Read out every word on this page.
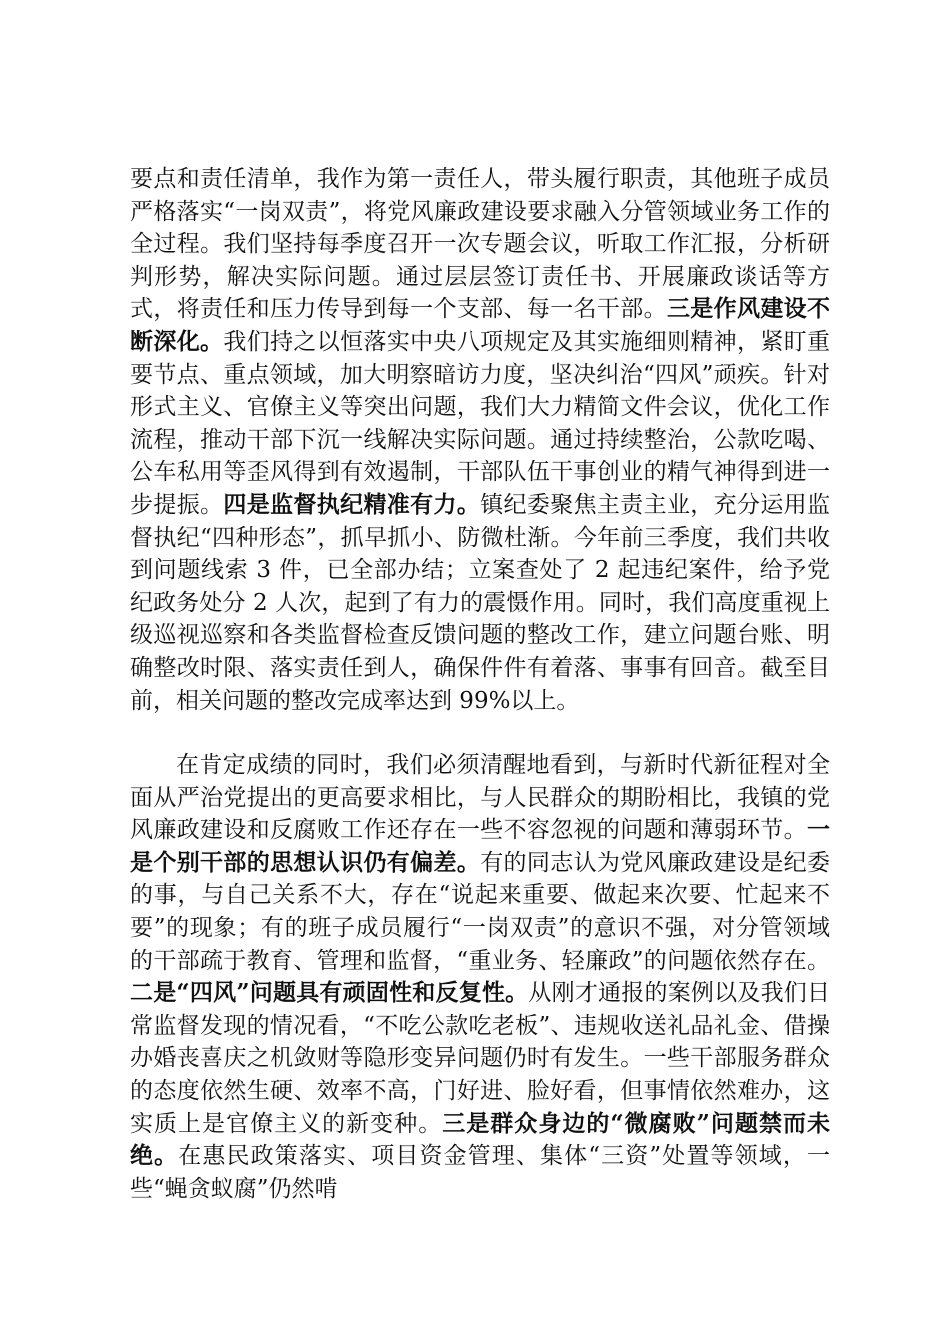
要点和责任清单，我作为第一责任人，带头履行职责，其他班子成员严格落实“一岗双责”，将党风廉政建设要求融入分管领域业务工作的全过程。我们坚持每季度召开一次专题会议，听取工作汇报，分析研判形势，解决实际问题。通过层层签订责任书、开展廉政谈话等方式，将责任和压力传导到每一个支部、每一名干部。三是作风建设不断深化。我们持之以恒落实中央八项规定及其实施细则精神，紧盯重要节点、重点领域，加大明察暗访力度，坚决纠治“四风”顽疾。针对形式主义、官僚主义等突出问题，我们大力精简文件会议，优化工作流程，推动干部下沉一线解决实际问题。通过持续整治，公款吃喝、公车私用等歪风得到有效遏制，干部队伍干事创业的精气神得到进一步提振。四是监督执纪精准有力。镇纪委聚焦主责主业，充分运用监督执纪“四种形态”，抓早抓小、防微杜渐。今年前三季度，我们共收到问题线索 3 件，已全部办结；立案查处了 2 起违纪案件，给予党纪政务处分 2 人次，起到了有力的震慑作用。同时，我们高度重视上级巡视巡察和各类监督检查反馈问题的整改工作，建立问题台账、明确整改时限、落实责任到人，确保件件有着落、事事有回音。截至目前，相关问题的整改完成率达到 99%以上。

在肯定成绩的同时，我们必须清醒地看到，与新时代新征程对全面从严治党提出的更高要求相比，与人民群众的期盼相比，我镇的党风廉政建设和反腐败工作还存在一些不容忽视的问题和薄弱环节。一是个别干部的思想认识仍有偏差。有的同志认为党风廉政建设是纪委的事，与自己关系不大，存在“说起来重要、做起来次要、忙起来不要”的现象；有的班子成员履行“一岗双责”的意识不强，对分管领域的干部疏于教育、管理和监督，“重业务、轻廉政”的问题依然存在。二是“四风”问题具有顽固性和反复性。从刚才通报的案例以及我们日常监督发现的情况看，“不吃公款吃老板”、违规收送礼品礼金、借操办婚丧喜庆之机敛财等隐形变异问题仍时有发生。一些干部服务群众的态度依然生硬、效率不高，门好进、脸好看，但事情依然难办，这实质上是官僚主义的新变种。三是群众身边的“微腐败”问题禁而未绝。在惠民政策落实、项目资金管理、集体“三资”处置等领域，一些“蝇贪蚁腐”仍然啃
